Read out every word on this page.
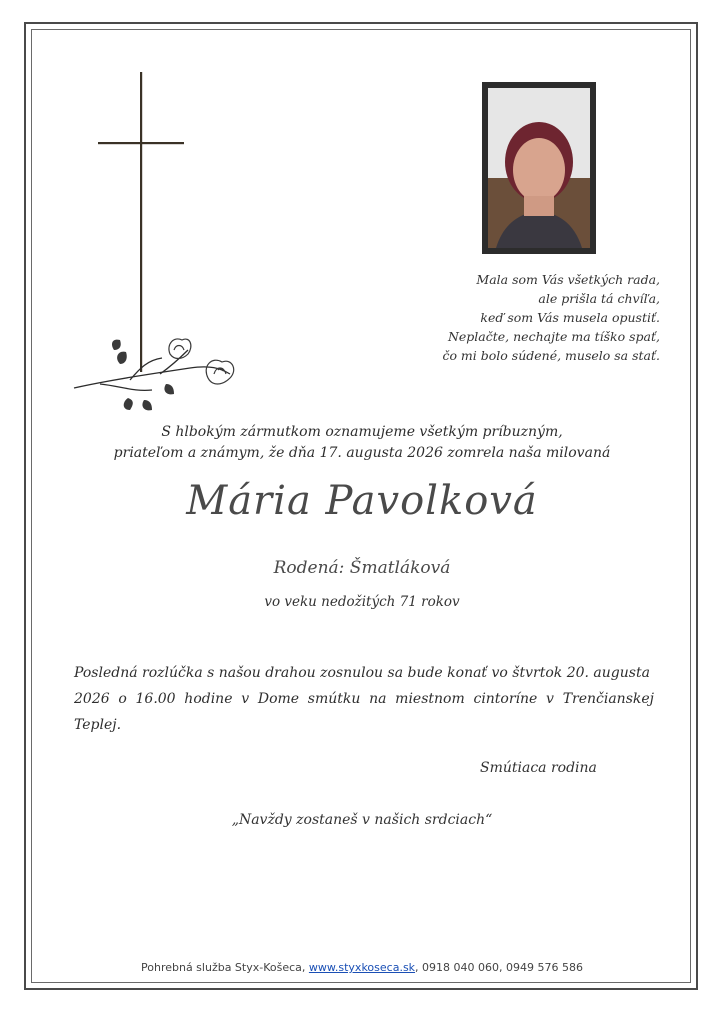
Mala som Vás všetkých rada,
ale prišla tá chvíľa,
keď som Vás musela opustiť.
Neplačte, nechajte ma tíško spať,
čo mi bolo súdené, muselo sa stať.
S hlbokým zármutkom oznamujeme všetkým príbuzným,
priateľom a známym, že dňa 17. augusta 2026 zomrela naša milovaná
Mária Pavolková
Rodená: Šmatláková
vo veku nedožitých 71 rokov
Posledná rozlúčka s našou drahou zosnulou sa bude konať vo štvrtok 20. augusta
2026 o 16.00 hodine v Dome smútku na miestnom cintoríne v Trenčianskej Teplej.
Smútiaca rodina
„Navždy zostaneš v našich srdciach“
Pohrebná služba Styx-Košeca, www.styxkoseca.sk, 0918 040 060, 0949 576 586
